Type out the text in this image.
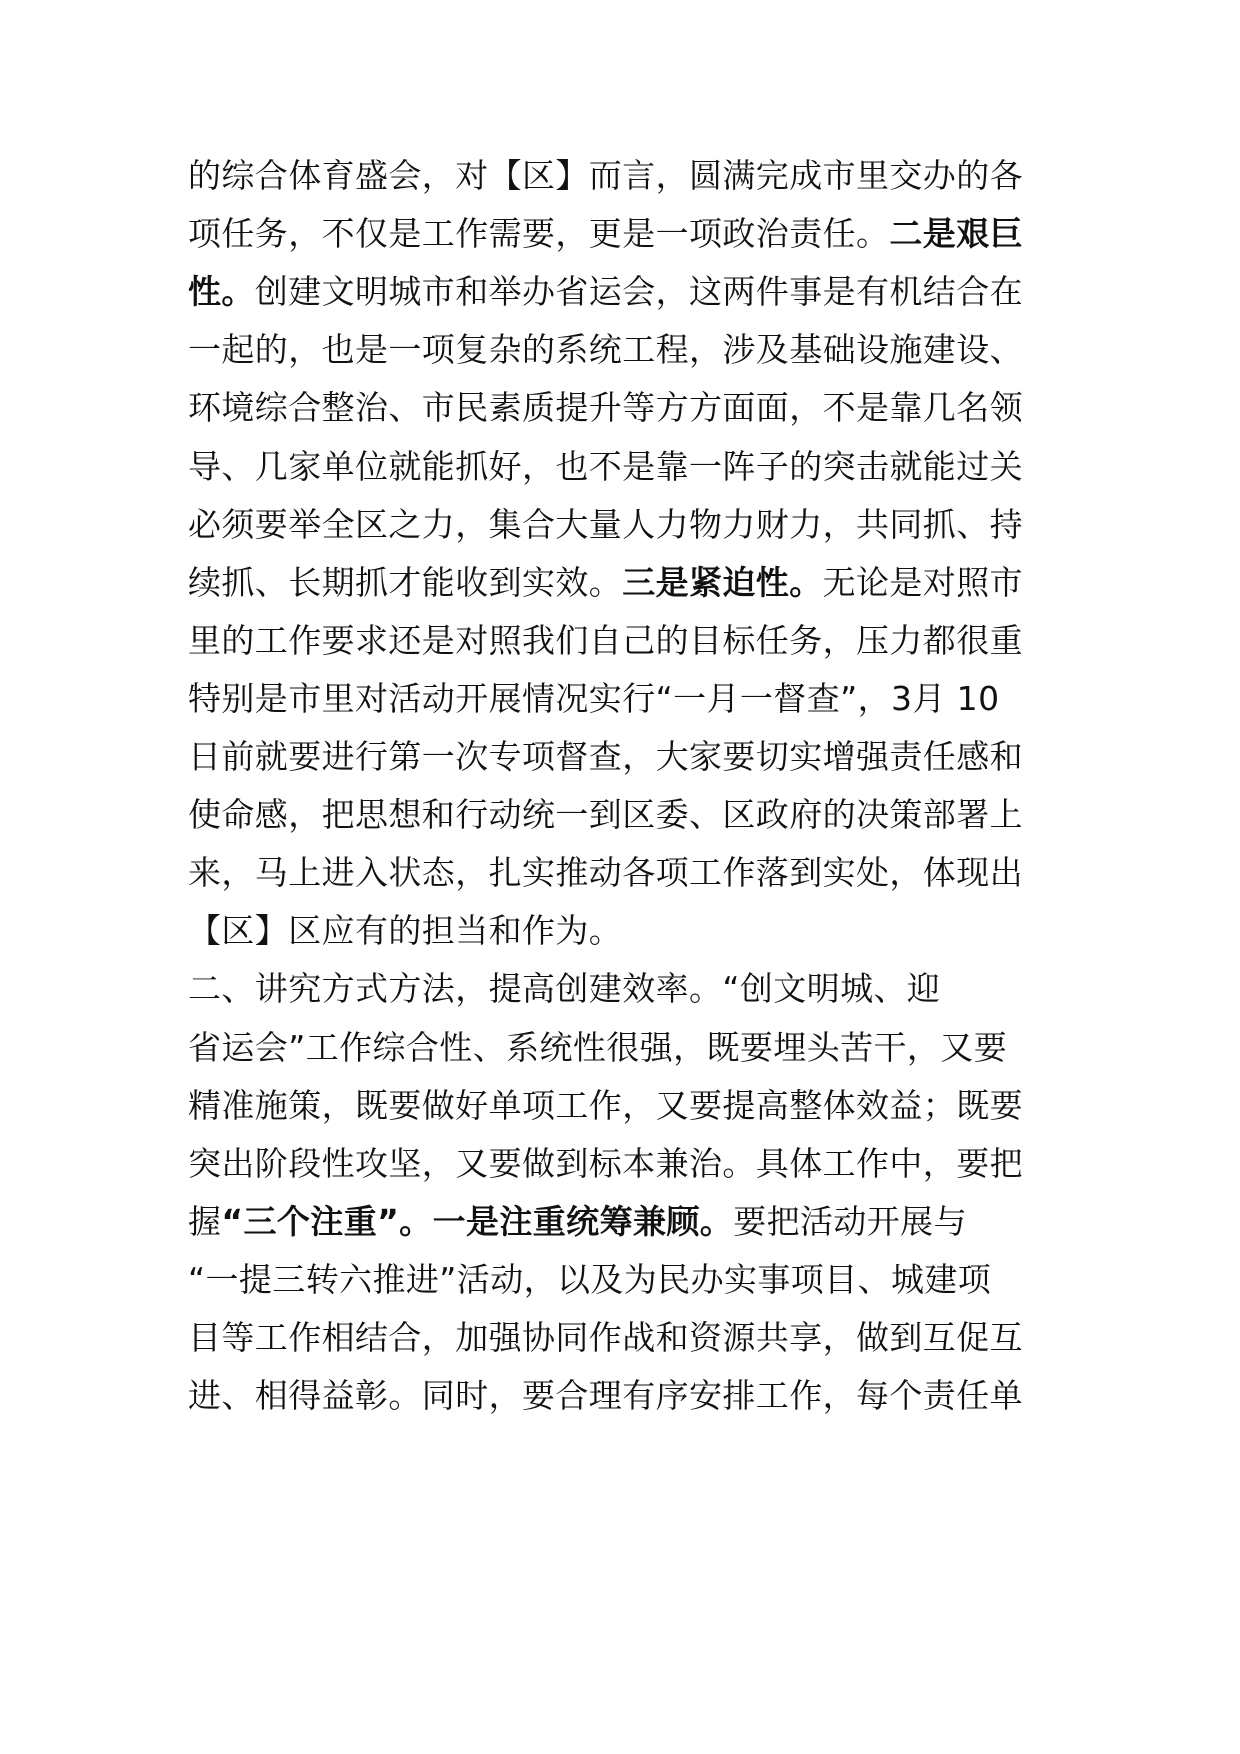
的综合体育盛会，对【区】而言，圆满完成市里交办的各
项任务，不仅是工作需要，更是一项政治责任。二是艰巨
性。创建文明城市和举办省运会，这两件事是有机结合在
一起的，也是一项复杂的系统工程，涉及基础设施建设、
环境综合整治、市民素质提升等方方面面，不是靠几名领
导、几家单位就能抓好，也不是靠一阵子的突击就能过关
必须要举全区之力，集合大量人力物力财力，共同抓、持
续抓、长期抓才能收到实效。三是紧迫性。无论是对照市
里的工作要求还是对照我们自己的目标任务，压力都很重
特别是市里对活动开展情况实行“一月一督查”，3月 10
日前就要进行第一次专项督查，大家要切实增强责任感和
使命感，把思想和行动统一到区委、区政府的决策部署上
来，马上进入状态，扎实推动各项工作落到实处，体现出
【区】区应有的担当和作为。
二、讲究方式方法，提高创建效率。“创文明城、迎
省运会”工作综合性、系统性很强，既要埋头苦干，又要
精准施策，既要做好单项工作，又要提高整体效益；既要
突出阶段性攻坚，又要做到标本兼治。具体工作中，要把
握“三个注重”。一是注重统筹兼顾。要把活动开展与
“一提三转六推进”活动，以及为民办实事项目、城建项
目等工作相结合，加强协同作战和资源共享，做到互促互
进、相得益彰。同时，要合理有序安排工作，每个责任单
